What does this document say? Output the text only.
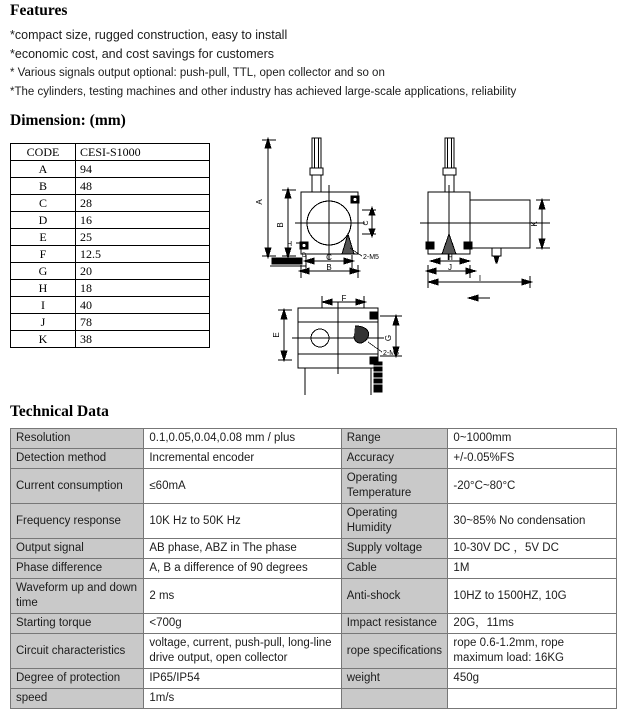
Features
*compact size, rugged construction, easy to install
*economic cost, and cost savings for customers
* Various signals output optional: push-pull, TTL, open collector and so on
*The cylinders, testing machines and other industry has achieved large-scale applications, reliability
Dimension: (mm)
CODE	CESI-S1000
A	94
B	48
C	28
D	16
E	25
F	12.5
G	20
H	18
I	40
J	78
K	38
A
B
D C
B
H
2-M5
C	K
H
J
I
E
F
G
2-M5
Technical Data
Resolution	0.1,0.05,0.04,0.08 mm / plus	Range	0~1000mm
Detection method	Incremental encoder	Accuracy	+/-0.05%FS
Current consumption	≤60mA	Operating Temperature	-20°C~80°C
Frequency response	10K Hz to 50K Hz	Operating Humidity	30~85% No condensation
Output signal	AB phase, ABZ in The phase	Supply voltage	10-30V DC ，5V DC
Phase difference	A, B a difference of 90 degrees	Cable	1M
Waveform up and down time	2 ms	Anti-shock	10HZ to 1500HZ, 10G
Starting torque	<700g	Impact resistance	20G，11ms
Circuit characteristics	voltage, current, push-pull, long-line drive output, open collector	rope specifications	rope 0.6-1.2mm, rope maximum load: 16KG
Degree of protection	IP65/IP54	weight	450g
speed	1m/s		
